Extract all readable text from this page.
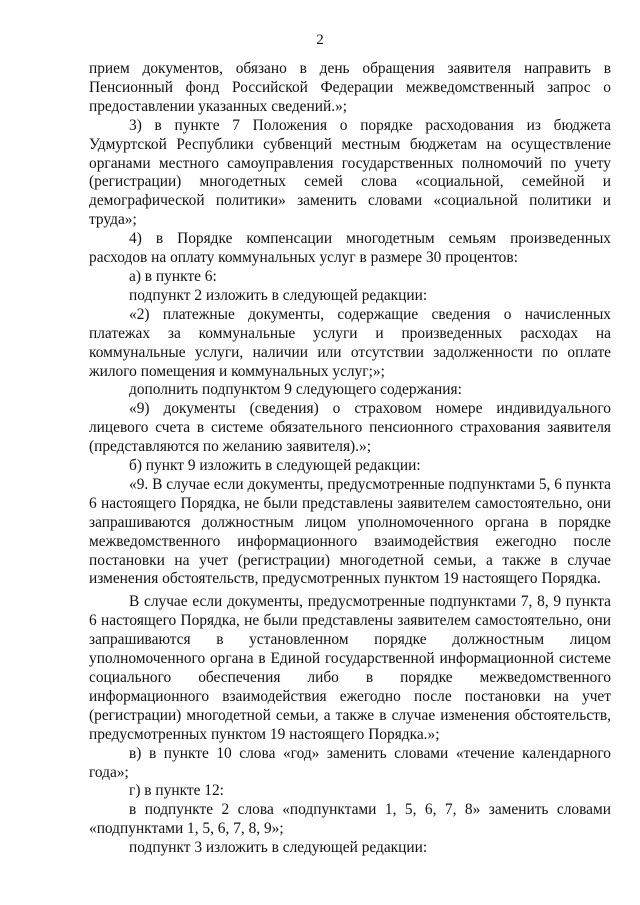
2

прием документов, обязано в день обращения заявителя направить в Пенсионный фонд Российской Федерации межведомственный запрос о предоставлении указанных сведений.»;

3) в пункте 7 Положения о порядке расходования из бюджета Удмуртской Республики субвенций местным бюджетам на осуществление органами местного самоуправления государственных полномочий по учету (регистрации) многодетных семей слова «социальной, семейной и демографической политики» заменить словами «социальной политики и труда»;

4) в Порядке компенсации многодетным семьям произведенных расходов на оплату коммунальных услуг в размере 30 процентов:

а) в пункте 6:

подпункт 2 изложить в следующей редакции:

«2) платежные документы, содержащие сведения о начисленных платежах за коммунальные услуги и произведенных расходах на коммунальные услуги, наличии или отсутствии задолженности по оплате жилого помещения и коммунальных услуг;»;

дополнить подпунктом 9 следующего содержания:

«9) документы (сведения) о страховом номере индивидуального лицевого счета в системе обязательного пенсионного страхования заявителя (представляются по желанию заявителя).»;

б) пункт 9 изложить в следующей редакции:

«9. В случае если документы, предусмотренные подпунктами 5, 6 пункта 6 настоящего Порядка, не были представлены заявителем самостоятельно, они запрашиваются должностным лицом уполномоченного органа в порядке межведомственного информационного взаимодействия ежегодно после постановки на учет (регистрации) многодетной семьи, а также в случае изменения обстоятельств, предусмотренных пунктом 19 настоящего Порядка.

В случае если документы, предусмотренные подпунктами 7, 8, 9 пункта 6 настоящего Порядка, не были представлены заявителем самостоятельно, они запрашиваются в установленном порядке должностным лицом уполномоченного органа в Единой государственной информационной системе социального обеспечения либо в порядке межведомственного информационного взаимодействия ежегодно после постановки на учет (регистрации) многодетной семьи, а также в случае изменения обстоятельств, предусмотренных пунктом 19 настоящего Порядка.»;

в) в пункте 10 слова «год» заменить словами «течение календарного года»;

г) в пункте 12:

в подпункте 2 слова «подпунктами 1, 5, 6, 7, 8» заменить словами «подпунктами 1, 5, 6, 7, 8, 9»;

подпункт 3 изложить в следующей редакции:
